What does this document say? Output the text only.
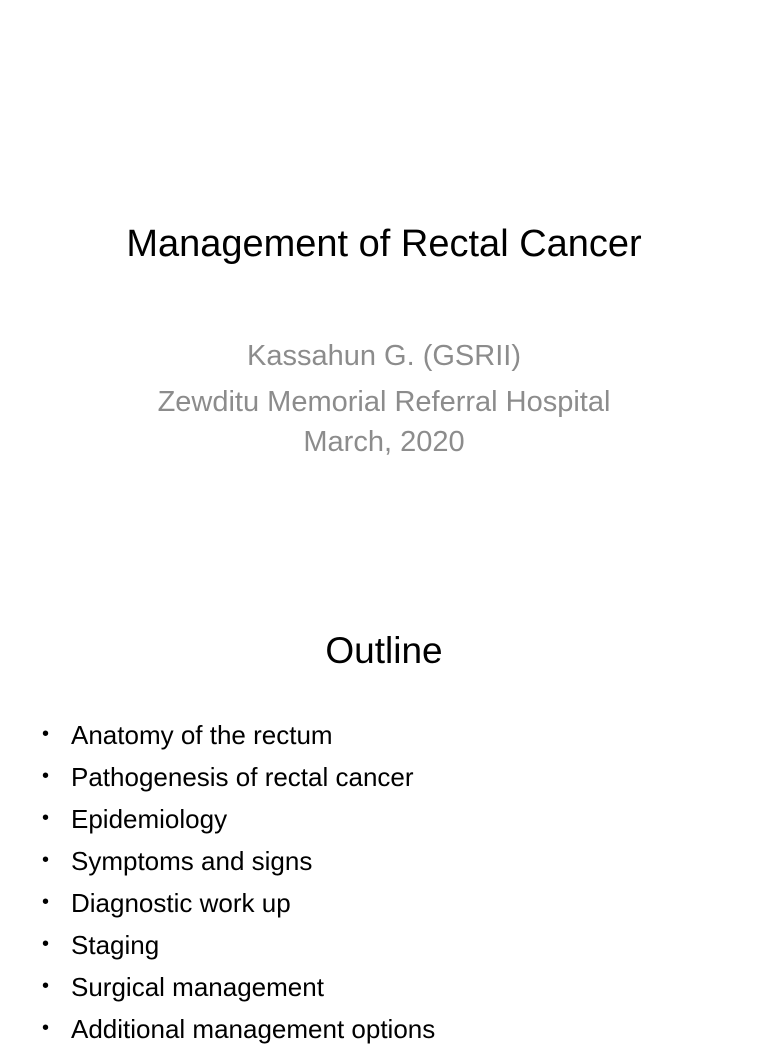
Management of Rectal Cancer
Kassahun G. (GSRII)
Zewditu Memorial Referral Hospital
March, 2020
Outline
• Anatomy of the rectum
• Pathogenesis of rectal cancer
• Epidemiology
• Symptoms and signs
• Diagnostic work up
• Staging
• Surgical management
• Additional management options
